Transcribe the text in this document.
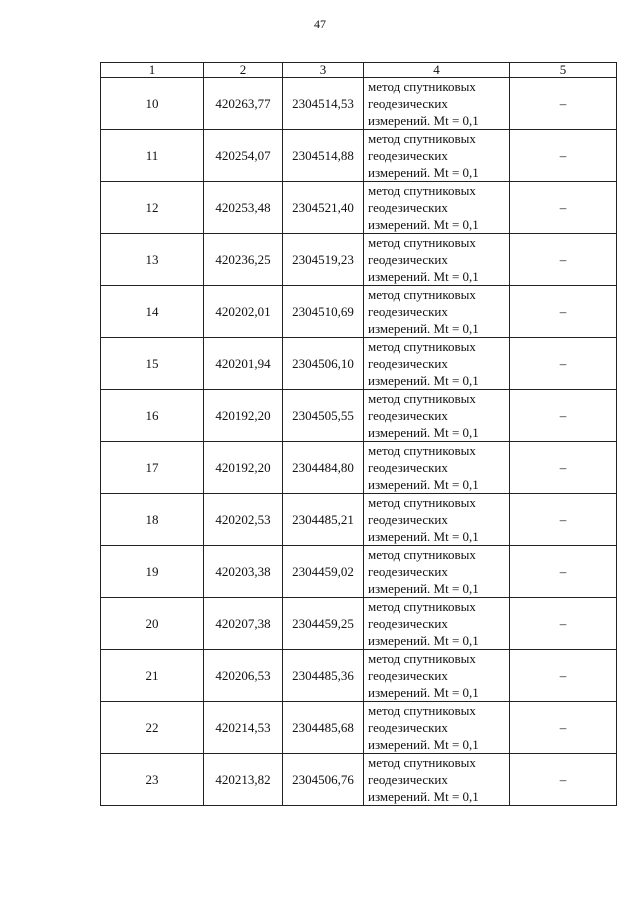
47
1	2	3	4	5
10	420263,77	2304514,53	метод спутниковых
геодезических
измерений. Mt = 0,1	–
11	420254,07	2304514,88	метод спутниковых
геодезических
измерений. Mt = 0,1	–
12	420253,48	2304521,40	метод спутниковых
геодезических
измерений. Mt = 0,1	–
13	420236,25	2304519,23	метод спутниковых
геодезических
измерений. Mt = 0,1	–
14	420202,01	2304510,69	метод спутниковых
геодезических
измерений. Mt = 0,1	–
15	420201,94	2304506,10	метод спутниковых
геодезических
измерений. Mt = 0,1	–
16	420192,20	2304505,55	метод спутниковых
геодезических
измерений. Mt = 0,1	–
17	420192,20	2304484,80	метод спутниковых
геодезических
измерений. Mt = 0,1	–
18	420202,53	2304485,21	метод спутниковых
геодезических
измерений. Mt = 0,1	–
19	420203,38	2304459,02	метод спутниковых
геодезических
измерений. Mt = 0,1	–
20	420207,38	2304459,25	метод спутниковых
геодезических
измерений. Mt = 0,1	–
21	420206,53	2304485,36	метод спутниковых
геодезических
измерений. Mt = 0,1	–
22	420214,53	2304485,68	метод спутниковых
геодезических
измерений. Mt = 0,1	–
23	420213,82	2304506,76	метод спутниковых
геодезических
измерений. Mt = 0,1	–
